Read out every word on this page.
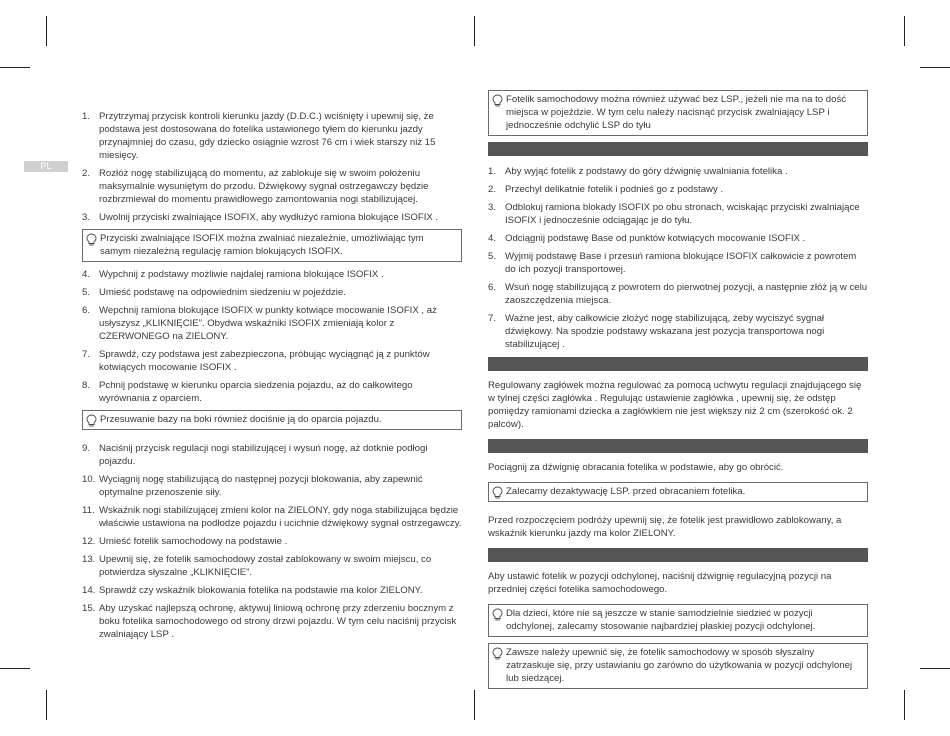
PL
1. Przytrzymaj przycisk kontroli kierunku jazdy (D.D.C.) wciśnięty i upewnij się, że podstawa jest dostosowana do fotelika ustawionego tyłem do kierunku jazdy przynajmniej do czasu, gdy dziecko osiągnie wzrost 76 cm i wiek starszy niż 15 miesięcy.
2. Rozłóż nogę stabilizującą do momentu, aż zablokuje się w swoim położeniu maksymalnie wysuniętym do przodu. Dźwiękowy sygnał ostrzegawczy będzie rozbrzmiewał do momentu prawidłowego zamontowania nogi stabilizującej.
3. Uwolnij przyciski zwalniające ISOFIX, aby wydłużyć ramiona blokujące ISOFIX .
Przyciski zwalniające ISOFIX można zwalniać niezależnie, umożliwiając tym samym niezależną regulację ramion blokujących ISOFIX.
4. Wypchnij z podstawy możliwie najdalej ramiona blokujące ISOFIX .
5. Umieść podstawę na odpowiednim siedzeniu w pojeździe.
6. Wepchnij ramiona blokujące ISOFIX w punkty kotwiące mocowanie ISOFIX , aż usłyszysz „KLIKNIĘCIE”. Obydwa wskaźniki ISOFIX zmieniają kolor z CZERWONEGO na ZIELONY.
7. Sprawdź, czy podstawa jest zabezpieczona, próbując wyciągnąć ją z punktów kotwiących mocowanie ISOFIX .
8. Pchnij podstawę w kierunku oparcia siedzenia pojazdu, aż do całkowitego wyrównania z oparciem.
Przesuwanie bazy na boki również dociśnie ją do oparcia pojazdu.
9. Naciśnij przycisk regulacji nogi stabilizującej i wysuń nogę, aż dotknie podłogi pojazdu.
10. Wyciągnij nogę stabilizującą do następnej pozycji blokowania, aby zapewnić optymalne przenoszenie siły.
11. Wskaźnik nogi stabilizującej zmieni kolor na ZIELONY, gdy noga stabilizująca będzie właściwie ustawiona na podłodze pojazdu i ucichnie dźwiękowy sygnał ostrzegawczy.
12. Umieść fotelik samochodowy na podstawie .
13. Upewnij się, że fotelik samochodowy został zablokowany w swoim miejscu, co potwierdza słyszalne „KLIKNIĘCIE”.
14. Sprawdź czy wskaźnik blokowania fotelika na podstawie ma kolor ZIELONY.
15. Aby uzyskać najlepszą ochronę, aktywuj liniową ochronę przy zderzeniu bocznym z boku fotelika samochodowego od strony drzwi pojazdu. W tym celu naciśnij przycisk zwalniający LSP .
Fotelik samochodowy można również używać bez LSP., jeżeli nie ma na to dość miejsca w pojeździe. W tym celu należy nacisnąć przycisk zwalniający LSP i jednocześnie odchylić LSP do tyłu
1. Aby wyjąć fotelik z podstawy do góry dźwignię uwalniania fotelika .
2. Przechyl delikatnie fotelik i podnieś go z podstawy .
3. Odblokuj ramiona blokady ISOFIX po obu stronach, wciskając przyciski zwalniające ISOFIX i jednocześnie odciągając je do tyłu.
4. Odciągnij podstawę Base od punktów kotwiących mocowanie ISOFIX .
5. Wyjmij podstawę Base i przesuń ramiona blokujące ISOFIX całkowicie z powrotem do ich pozycji transportowej.
6. Wsuń nogę stabilizującą z powrotem do pierwotnej pozycji, a następnie złóż ją w celu zaoszczędzenia miejsca.
7. Ważne jest, aby całkowicie złożyć nogę stabilizującą, żeby wyciszyć sygnał dźwiękowy. Na spodzie podstawy wskazana jest pozycja transportowa nogi stabilizującej .

Regulowany zagłówek można regulować za pomocą uchwytu regulacji znajdującego się w tylnej części zagłówka . Regulując ustawienie zagłówka , upewnij się, że odstęp pomiędzy ramionami dziecka a zagłówkiem nie jest większy niż 2 cm (szerokość ok. 2 palców).

Pociągnij za dźwignię obracania fotelika w podstawie, aby go obrócić.

Zalecamy dezaktywację LSP. przed obracaniem fotelika.

Przed rozpoczęciem podróży upewnij się, że fotelik jest prawidłowo zablokowany, a wskaźnik kierunku jazdy ma kolor ZIELONY.

Aby ustawić fotelik w pozycji odchylonej, naciśnij dźwignię regulacyjną pozycji na przedniej części fotelika samochodowego.

Dla dzieci, które nie są jeszcze w stanie samodzielnie siedzieć w pozycji odchylonej, zalecamy stosowanie najbardziej płaskiej pozycji odchylonej.
Zawsze należy upewnić się, że fotelik samochodowy w sposób słyszalny zatrzaskuje się, przy ustawianiu go zarówno do użytkowania w pozycji odchylonej lub siedzącej.
